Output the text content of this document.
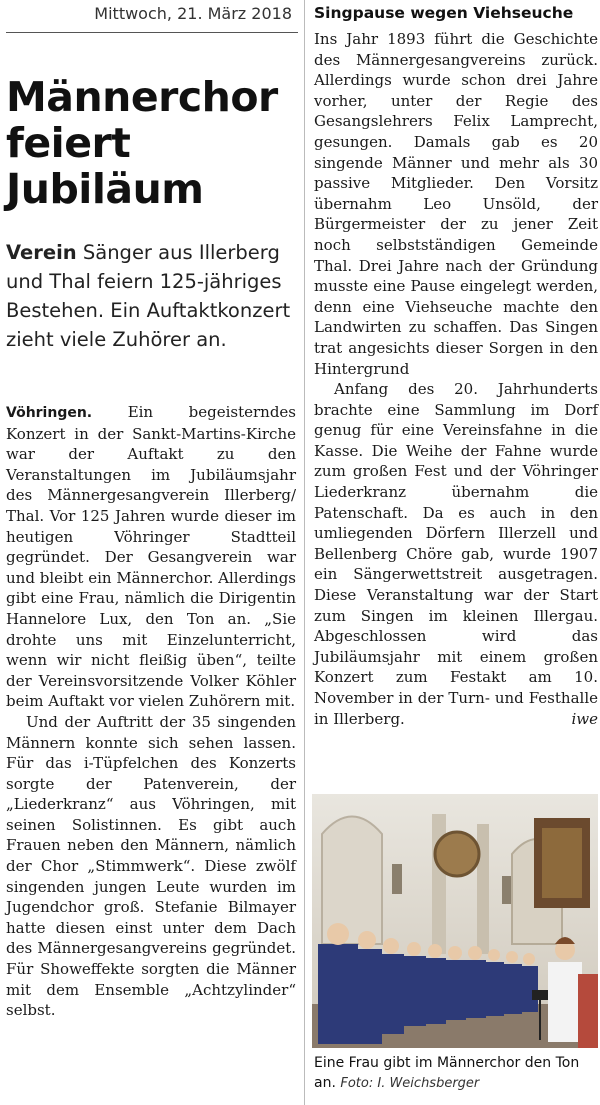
Mittwoch, 21. März 2018
Männerchor
feiert
Jubiläum
Verein Sänger aus Illerberg und Thal feiern 125-jähriges Bestehen. Ein Auftaktkonzert zieht viele Zuhörer an.

Vöhringen. Ein begeisterndes Konzert in der Sankt-Martins-Kirche war der Auftakt zu den Veranstaltungen im Jubiläumsjahr des Männergesangverein Illerberg/ Thal. Vor 125 Jahren wurde dieser im heutigen Vöhringer Stadtteil gegründet. Der Gesangverein war und bleibt ein Männerchor. Allerdings gibt eine Frau, nämlich die Dirigentin Hannelore Lux, den Ton an. „Sie drohte uns mit Einzelunterricht, wenn wir nicht fleißig üben“, teilte der Vereinsvorsitzende Volker Köhler beim Auftakt vor vielen Zuhörern mit.

Und der Auftritt der 35 singenden Männern konnte sich sehen lassen. Für das i-Tüpfelchen des Konzerts sorgte der Patenverein, der „Liederkranz“ aus Vöhringen, mit seinen Solistinnen. Es gibt auch Frauen neben den Männern, nämlich der Chor „Stimmwerk“. Diese zwölf singenden jungen Leute wurden im Jugendchor groß. Stefanie Bilmayer hatte diesen einst unter dem Dach des Männergesangvereins gegründet. Für Showeffekte sorgten die Männer mit dem Ensemble „Achtzylinder“ selbst.

Singpause wegen Viehseuche

Ins Jahr 1893 führt die Geschichte des Männergesangvereins zurück. Allerdings wurde schon drei Jahre vorher, unter der Regie des Gesangslehrers Felix Lamprecht, gesungen. Damals gab es 20 singende Männer und mehr als 30 passive Mitglieder. Den Vorsitz übernahm Leo Unsöld, der Bürgermeister der zu jener Zeit noch selbstständigen Gemeinde Thal. Drei Jahre nach der Gründung musste eine Pause eingelegt werden, denn eine Viehseuche machte den Landwirten zu schaffen. Das Singen trat angesichts dieser Sorgen in den Hintergrund

Anfang des 20. Jahrhunderts brachte eine Sammlung im Dorf genug für eine Vereinsfahne in die Kasse. Die Weihe der Fahne wurde zum großen Fest und der Vöhringer Liederkranz übernahm die Patenschaft. Da es auch in den umliegenden Dörfern Illerzell und Bellenberg Chöre gab, wurde 1907 ein Sängerwettstreit ausgetragen. Diese Veranstaltung war der Start zum Singen im kleinen Illergau. Abgeschlossen wird das Jubiläumsjahr mit einem großen Konzert zum Festakt am 10. November in der Turn- und Festhalle in Illerberg.	iwe

Eine Frau gibt im Männerchor den Ton an. Foto: I. Weichsberger
